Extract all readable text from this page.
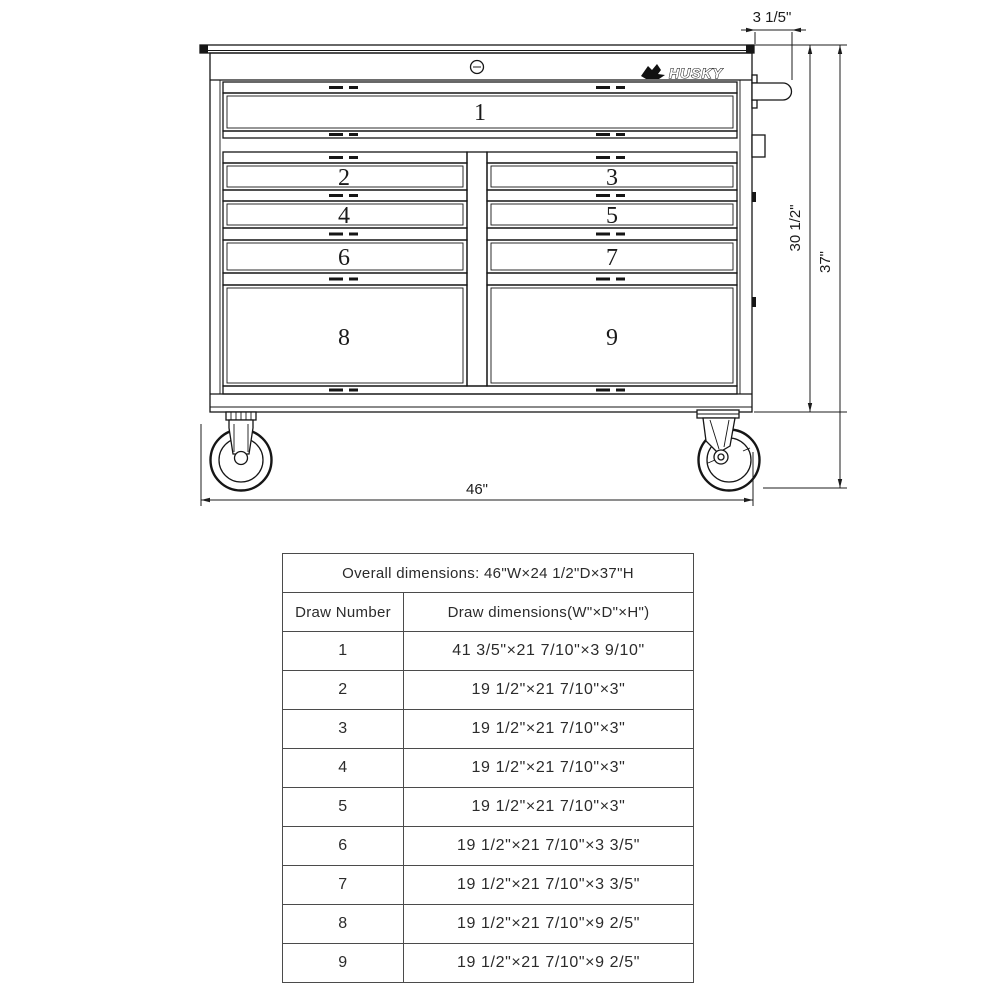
HUSKY
1
2
4
6
8
3
5
7
9
3 1/5"
30 1/2"
37"
46"
Overall dimensions: 46"W×24 1/2"D×37"H	
Draw Number	Draw dimensions(W"×D"×H")
1	41 3/5"×21 7/10"×3 9/10"
2	19 1/2"×21 7/10"×3"
3	19 1/2"×21 7/10"×3"
4	19 1/2"×21 7/10"×3"
5	19 1/2"×21 7/10"×3"
6	19 1/2"×21 7/10"×3 3/5"
7	19 1/2"×21 7/10"×3 3/5"
8	19 1/2"×21 7/10"×9 2/5"
9	19 1/2"×21 7/10"×9 2/5"
